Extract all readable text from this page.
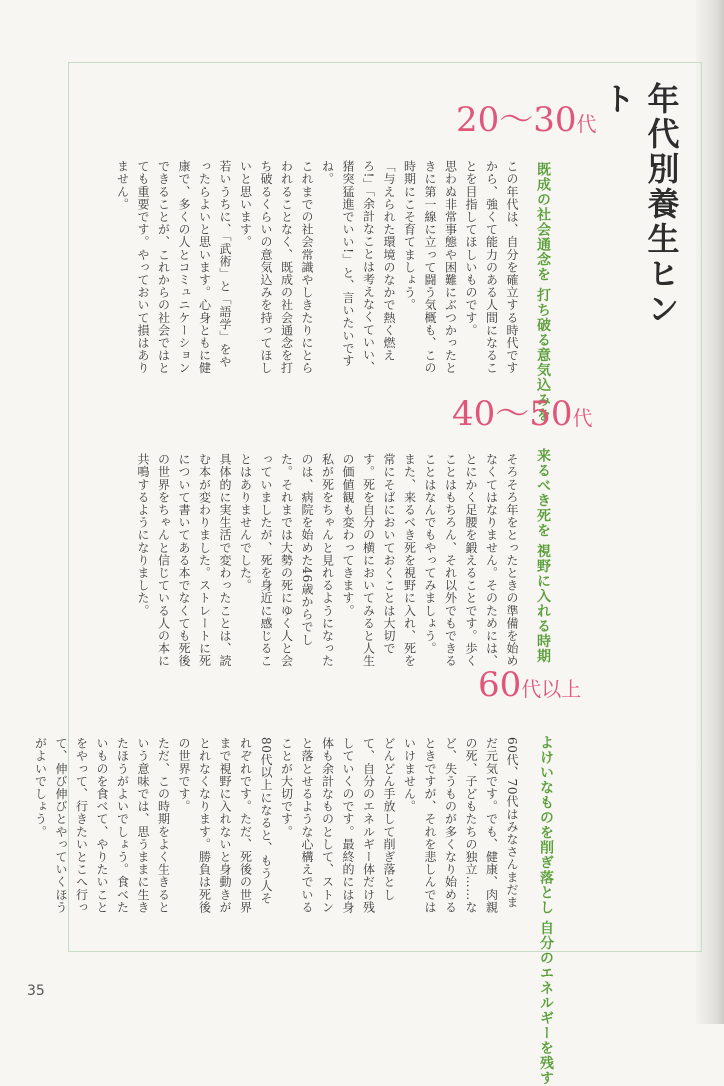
年代別養生ヒント
20〜30代
既成の社会通念を 打ち破る意気込みを

この年代は、自分を確立する時代ですから、強くて能力のある人間になることを目指してほしいものです。

思わぬ非常事態や困難にぶつかったときに第一線に立って闘う気概も、この時期にこそ育てましょう。

「与えられた環境のなかで熱く燃えろ!」「余計なことは考えなくていい、猪突猛進でいい!」と、言いたいですね。

これまでの社会常識やしきたりにとらわれることなく、既成の社会通念を打ち破るくらいの意気込みを持ってほしいと思います。

若いうちに、「武術」と「語学」をやったらよいと思います。心身ともに健康で、多くの人とコミュニケーションできることが、これからの社会ではとても重要です。やっておいて損はありません。

40〜50代
来るべき死を 視野に入れる時期

そろそろ年をとったときの準備を始めなくてはなりません。そのためには、とにかく足腰を鍛えることです。歩くことはもちろん、それ以外でもできることはなんでもやってみましょう。

また、来るべき死を視野に入れ、死を常にそばにおいておくことは大切です。死を自分の横においてみると人生の価値観も変わってきます。

私が死をちゃんと見れるようになったのは、病院を始めた46歳からでした。それまでは大勢の死にゆく人と会っていましたが、死を身近に感じることはありませんでした。

具体的に実生活で変わったことは、読む本が変わりました。ストレートに死について書いてある本でなくても死後の世界をちゃんと信じている人の本に共鳴するようになりました。

60代以上
よけいなものを削ぎ落とし 自分のエネルギーを残す

60代、70代はみなさんまだまだ元気です。でも、健康、肉親の死、子どもたちの独立……など、失うものが多くなり始めるときですが、それを悲しんではいけません。

どんどん手放して削ぎ落として、自分のエネルギー体だけ残していくのです。最終的には身体も余計なものとして、ストンと落とせるような心構えでいることが大切です。

80代以上になると、もう人それぞれです。ただ、死後の世界まで視野に入れないと身動きがとれなくなります。勝負は死後の世界です。

ただ、この時期をよく生きるという意味では、思うままに生きたほうがよいでしょう。食べたいものを食べて、やりたいことをやって、行きたいとこへ行って、伸び伸びとやっていくほうがよいでしょう。

35
